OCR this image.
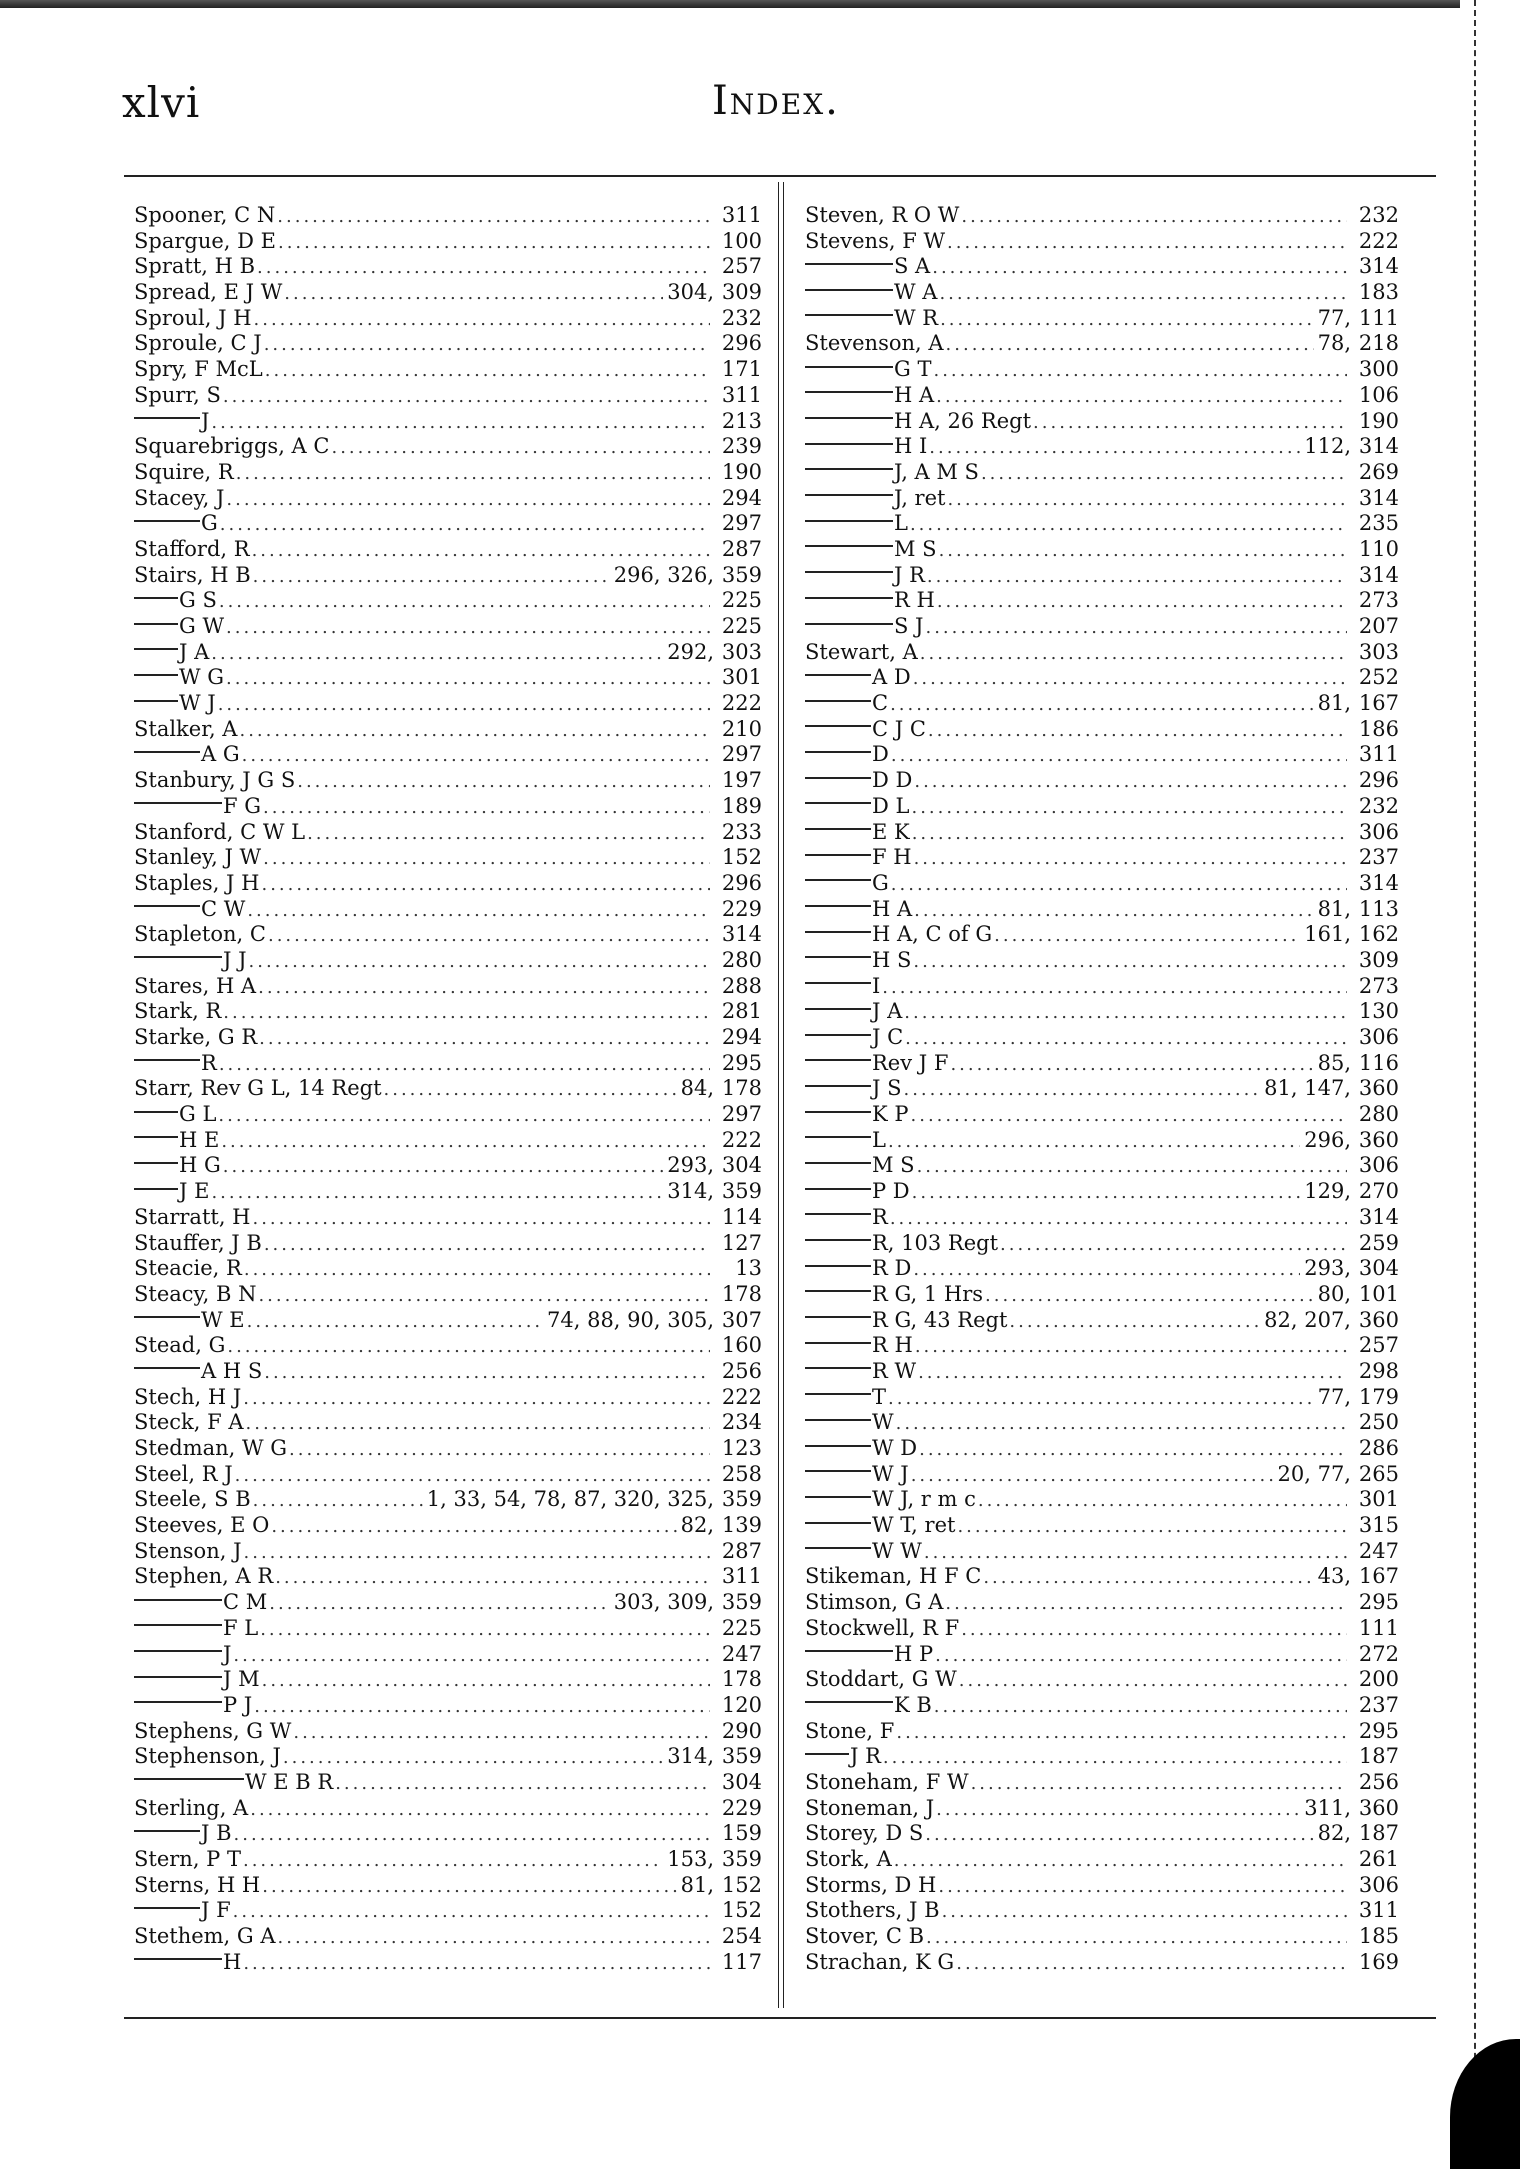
xlvi	Index.
Spooner, C N .....	311
Spargue, D E .....	100
Spratt, H B .....	257
Spread, E J W .....	304, 309
Sproul, J H .....	232
Sproule, C J .....	296
Spry, F McL .....	171
Spurr, S .....	311
J .....	213
Squarebriggs, A C .....	239
Squire, R .....	190
Stacey, J .....	294
G .....	297
Stafford, R .....	287
Stairs, H B .....	296, 326, 359
G S .....	225
G W .....	225
J A .....	292, 303
W G .....	301
W J .....	222
Stalker, A .....	210
A G .....	297
Stanbury, J G S .....	197
F G .....	189
Stanford, C W L .....	233
Stanley, J W .....	152
Staples, J H .....	296
C W .....	229
Stapleton, C .....	314
J J .....	280
Stares, H A .....	288
Stark, R .....	281
Starke, G R .....	294
R .....	295
Starr, Rev G L, 14 Regt .....	84, 178
G L .....	297
H E .....	222
H G .....	293, 304
J E .....	314, 359
Starratt, H .....	114
Stauffer, J B .....	127
Steacie, R .....	13
Steacy, B N .....	178
W E .....	74, 88, 90, 305, 307
Stead, G .....	160
A H S .....	256
Stech, H J .....	222
Steck, F A .....	234
Stedman, W G .....	123
Steel, R J .....	258
Steele, S B .....	1, 33, 54, 78, 87, 320, 325, 359
Steeves, E O .....	82, 139
Stenson, J .....	287
Stephen, A R .....	311
C M .....	303, 309, 359
F L .....	225
J .....	247
J M .....	178
P J .....	120
Stephens, G W .....	290
Stephenson, J .....	314, 359
W E B R .....	304
Sterling, A .....	229
J B .....	159
Stern, P T .....	153, 359
Sterns, H H .....	81, 152
J F .....	152
Stethem, G A .....	254
H .....	117
Steven, R O W .....	232
Stevens, F W .....	222
S A .....	314
W A .....	183
W R .....	77, 111
Stevenson, A .....	78, 218
G T .....	300
H A .....	106
H A, 26 Regt .....	190
H I .....	112, 314
J, A M S .....	269
J, ret .....	314
L .....	235
M S .....	110
J R .....	314
R H .....	273
S J .....	207
Stewart, A .....	303
A D .....	252
C .....	81, 167
C J C .....	186
D .....	311
D D .....	296
D L .....	232
E K .....	306
F H .....	237
G .....	314
H A .....	81, 113
H A, C of G .....	161, 162
H S .....	309
I .....	273
J A .....	130
J C .....	306
Rev J F .....	85, 116
J S .....	81, 147, 360
K P .....	280
L .....	296, 360
M S .....	306
P D .....	129, 270
R .....	314
R, 103 Regt .....	259
R D .....	293, 304
R G, 1 Hrs .....	80, 101
R G, 43 Regt .....	82, 207, 360
R H .....	257
R W .....	298
T .....	77, 179
W .....	250
W D .....	286
W J .....	20, 77, 265
W J, r m c .....	301
W T, ret .....	315
W W .....	247
Stikeman, H F C .....	43, 167
Stimson, G A .....	295
Stockwell, R F .....	111
H P .....	272
Stoddart, G W .....	200
K B .....	237
Stone, F .....	295
J R .....	187
Stoneham, F W .....	256
Stoneman, J .....	311, 360
Storey, D S .....	82, 187
Stork, A .....	261
Storms, D H .....	306
Stothers, J B .....	311
Stover, C B .....	185
Strachan, K G .....	169
